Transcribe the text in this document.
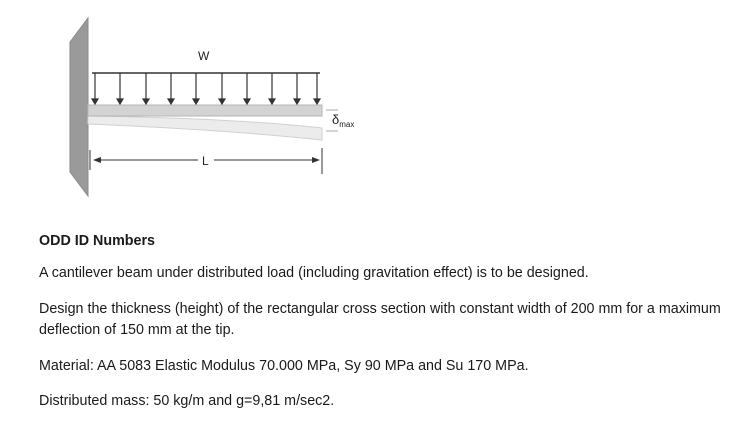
W
$\delta_{max}$
L

ODD ID Numbers

A cantilever beam under distributed load (including gravitation effect) is to be designed.

Design the thickness (height) of the rectangular cross section with constant width of 200 mm for a maximum deflection of 150 mm at the tip.

Material: AA 5083 Elastic Modulus 70.000 MPa, Sy 90 MPa and Su 170 MPa.

Distributed mass: 50 kg/m and g=9,81 m/sec2.
